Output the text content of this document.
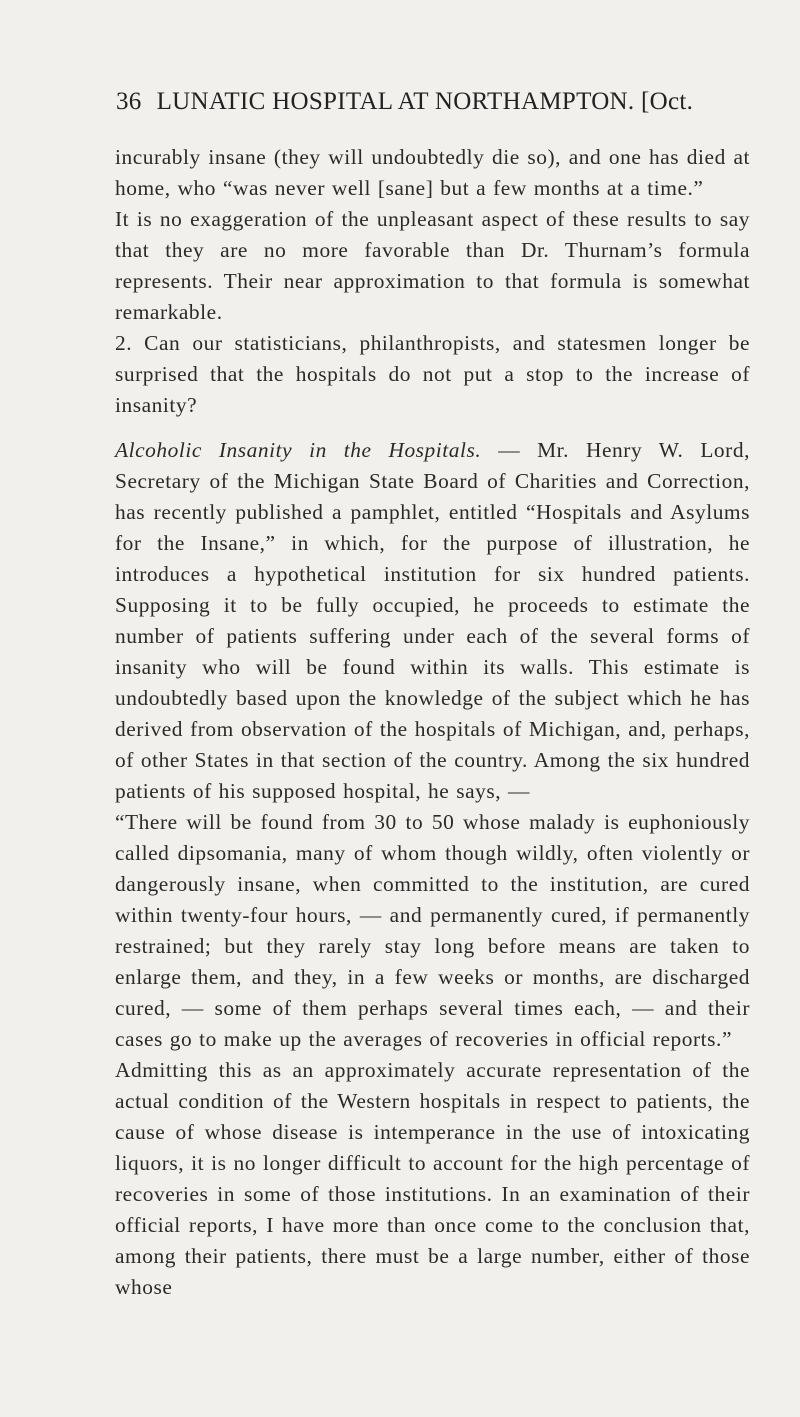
36 LUNATIC HOSPITAL AT NORTHAMPTON. [Oct.

incurably insane (they will undoubtedly die so), and one has died at home, who “was never well [sane] but a few months at a time.”

It is no exaggeration of the unpleasant aspect of these results to say that they are no more favorable than Dr. Thurnam’s formula represents. Their near approximation to that formula is somewhat remarkable.

2. Can our statisticians, philanthropists, and statesmen longer be surprised that the hospitals do not put a stop to the increase of insanity?

Alcoholic Insanity in the Hospitals. — Mr. Henry W. Lord, Secretary of the Michigan State Board of Charities and Correction, has recently published a pamphlet, entitled “Hospitals and Asylums for the Insane,” in which, for the purpose of illustration, he introduces a hypothetical institution for six hundred patients. Supposing it to be fully occupied, he proceeds to estimate the number of patients suffering under each of the several forms of insanity who will be found within its walls. This estimate is undoubtedly based upon the knowledge of the subject which he has derived from observation of the hospitals of Michigan, and, perhaps, of other States in that section of the country. Among the six hundred patients of his supposed hospital, he says, —

“There will be found from 30 to 50 whose malady is euphoniously called dipsomania, many of whom though wildly, often violently or dangerously insane, when committed to the institution, are cured within twenty-four hours, — and permanently cured, if permanently restrained; but they rarely stay long before means are taken to enlarge them, and they, in a few weeks or months, are discharged cured, — some of them perhaps several times each, — and their cases go to make up the averages of recoveries in official reports.”

Admitting this as an approximately accurate representation of the actual condition of the Western hospitals in respect to patients, the cause of whose disease is intemperance in the use of intoxicating liquors, it is no longer difficult to account for the high percentage of recoveries in some of those institutions. In an examination of their official reports, I have more than once come to the conclusion that, among their patients, there must be a large number, either of those whose
